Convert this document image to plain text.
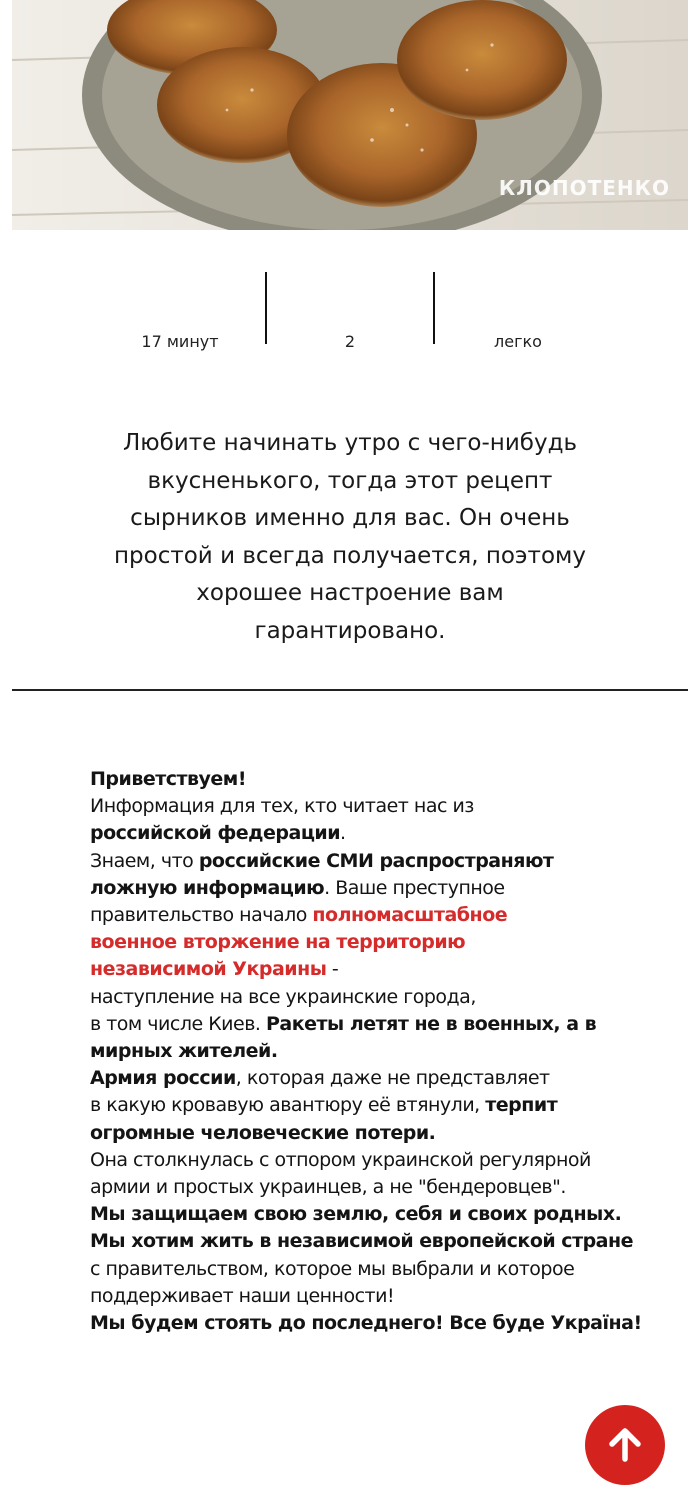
КЛОПОТЕНКО
17 минут	2	легко
Любите начинать утро с чего-нибудь вкусненького, тогда этот рецепт сырников именно для вас. Он очень простой и всегда получается, поэтому хорошее настроение вам гарантировано.
Приветствуем!
Информация для тех, кто читает нас из
российской федерации.
Знаем, что российские СМИ распространяют
ложную информацию. Ваше преступное
правительство начало полномасштабное
военное вторжение на территорию
независимой Украины -
наступление на все украинские города,
в том числе Киев. Ракеты летят не в военных, а в
мирных жителей.
Армия россии, которая даже не представляет
в какую кровавую авантюру её втянули, терпит
огромные человеческие потери.
Она столкнулась с отпором украинской регулярной
армии и простых украинцев, а не "бендеровцев".
Мы защищаем свою землю, себя и своих родных.
Мы хотим жить в независимой европейской стране
с правительством, которое мы выбрали и которое
поддерживает наши ценности!
Мы будем стоять до последнего! Все буде Україна!
